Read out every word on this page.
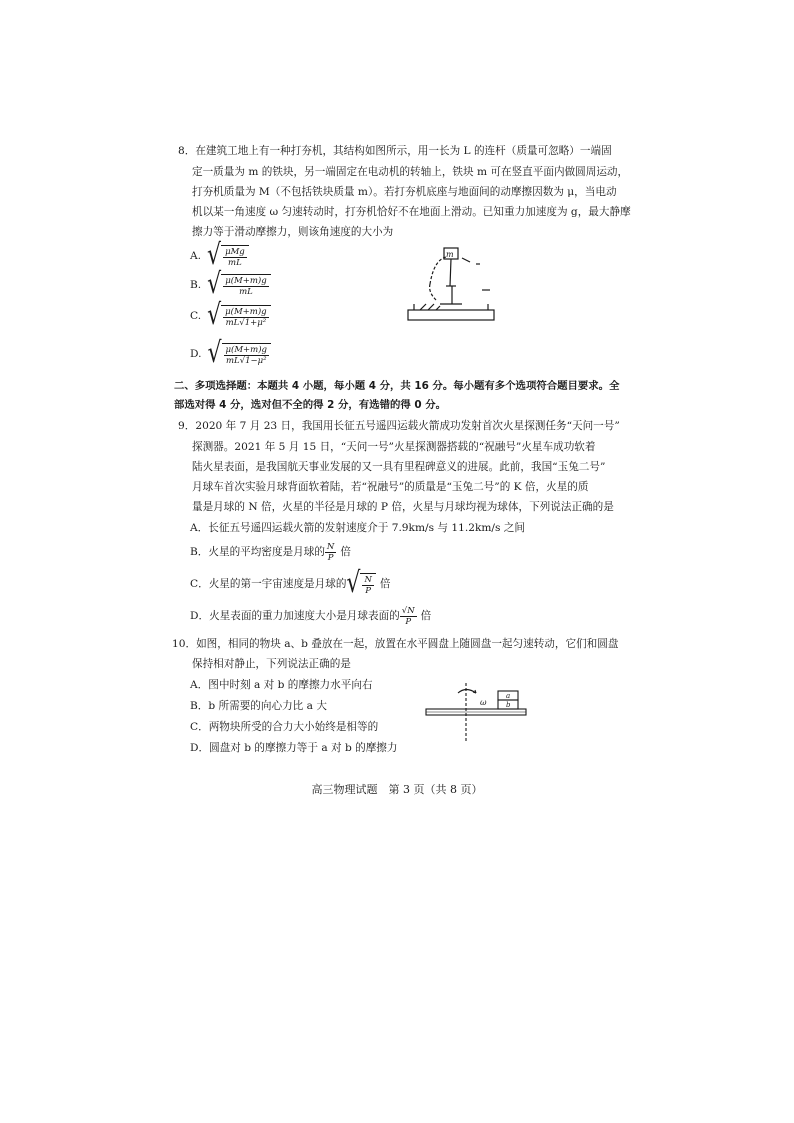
8．在建筑工地上有一种打夯机，其结构如图所示，用一长为 L 的连杆（质量可忽略）一端固
定一质量为 m 的铁块，另一端固定在电动机的转轴上，铁块 m 可在竖直平面内做圆周运动，
打夯机质量为 M（不包括铁块质量 m）。若打夯机底座与地面间的动摩擦因数为 μ，当电动
机以某一角速度 ω 匀速转动时，打夯机恰好不在地面上滑动。已知重力加速度为 g，最大静摩
擦力等于滑动摩擦力，则该角速度的大小为
A. √ $\frac{\text{μMg}}{mL}$
B. √ $\frac{\mu(M+m)g}{mL}$
C. √ $\frac{\mu(M+m)g}{\text{mL√1+μ²}}$
D. √ $\frac{\mu(M+m)g}{\text{mL√1−μ²}}$
m
二、多项选择题：本题共 4 小题，每小题 4 分，共 16 分。每小题有多个选项符合题目要求。全
部选对得 4 分，选对但不全的得 2 分，有选错的得 0 分。
9．2020 年 7 月 23 日，我国用长征五号遥四运载火箭成功发射首次火星探测任务“天问一号”
探测器。2021 年 5 月 15 日，“天问一号”火星探测器搭载的“祝融号”火星车成功软着
陆火星表面，是我国航天事业发展的又一具有里程碑意义的进展。此前，我国“玉兔二号”
月球车首次实验月球背面软着陆，若“祝融号”的质量是“玉兔二号”的 K 倍，火星的质
量是月球的 N 倍，火星的半径是月球的 P 倍，火星与月球均视为球体，下列说法正确的是
A．长征五号遥四运载火箭的发射速度介于 7.9km/s 与 11.2km/s 之间
B．火星的平均密度是月球的 $\frac{N}{P}$ 倍
C．火星的第一宇宙速度是月球的 √ $\frac{N}{P}$ 倍
D．火星表面的重力加速度大小是月球表面的 $\frac{√N}{P}$ 倍
10．如图，相同的物块 a、b 叠放在一起，放置在水平圆盘上随圆盘一起匀速转动，它们和圆盘
保持相对静止，下列说法正确的是
A．图中时刻 a 对 b 的摩擦力水平向右
B．b 所需要的向心力比 a 大
C．两物块所受的合力大小始终是相等的
D．圆盘对 b 的摩擦力等于 a 对 b 的摩擦力
ω
a
b
高三物理试题　第 3 页（共 8 页）
